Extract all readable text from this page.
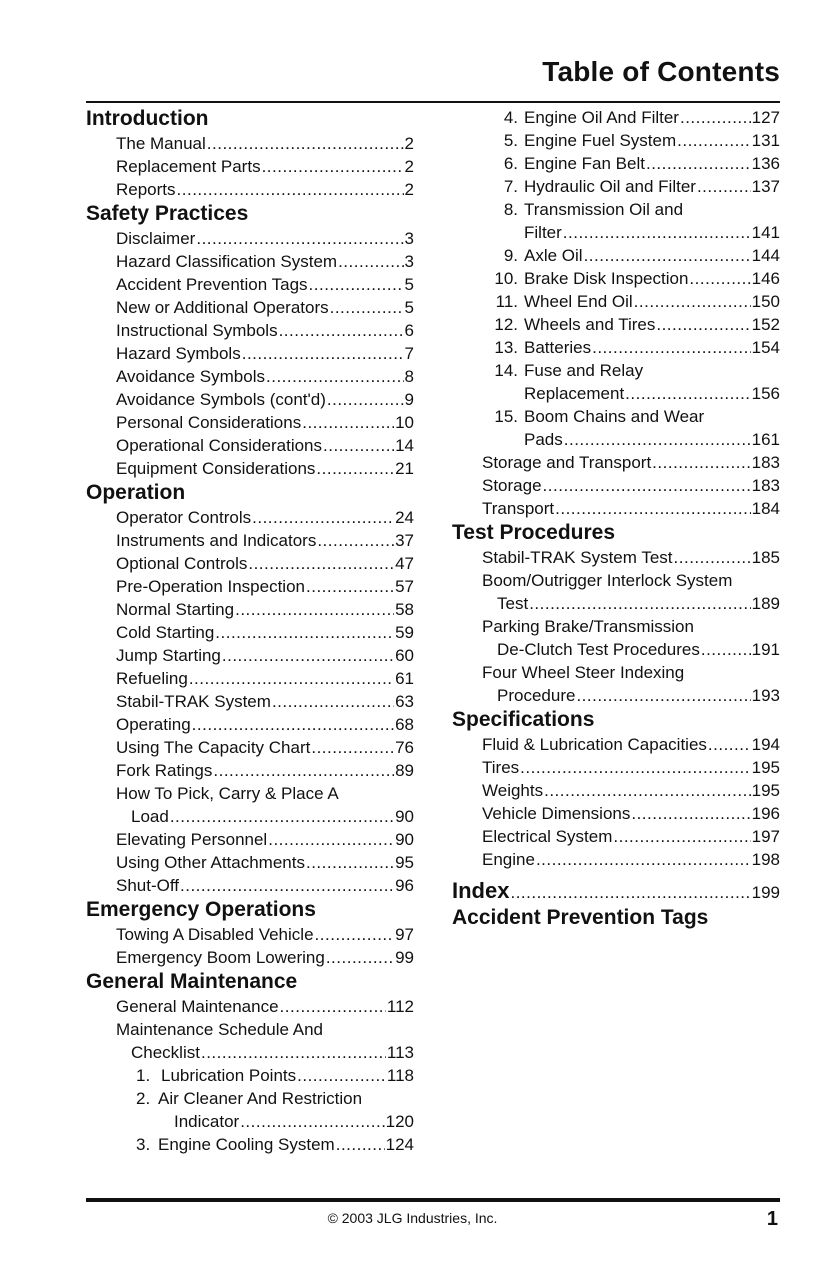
Table of Contents
Introduction
The Manual .....	2
Replacement Parts .....	2
Reports .....	2
Safety Practices
Disclaimer .....	3
Hazard Classification System .....	3
Accident Prevention Tags .....	5
New or Additional Operators .....	5
Instructional Symbols .....	6
Hazard Symbols .....	7
Avoidance Symbols .....	8
Avoidance Symbols (cont'd) .....	9
Personal Considerations .....	10
Operational Considerations .....	14
Equipment Considerations .....	21
Operation
Operator Controls .....	24
Instruments and Indicators .....	37
Optional Controls .....	47
Pre-Operation Inspection .....	57
Normal Starting .....	58
Cold Starting .....	59
Jump Starting .....	60
Refueling .....	61
Stabil-TRAK System .....	63
Operating .....	68
Using The Capacity Chart .....	76
Fork Ratings .....	89
How To Pick, Carry & Place A
Load .....	90
Elevating Personnel .....	90
Using Other Attachments .....	95
Shut-Off .....	96
Emergency Operations
Towing A Disabled Vehicle .....	97
Emergency Boom Lowering .....	99
General Maintenance
General Maintenance .....	112
Maintenance Schedule And
Checklist .....	113
1. Lubrication Points .....	118
2. Air Cleaner And Restriction
Indicator .....	120
3. Engine Cooling System .....	124
4. Engine Oil And Filter .....	127
5. Engine Fuel System .....	131
6. Engine Fan Belt .....	136
7. Hydraulic Oil and Filter .....	137
8. Transmission Oil and
Filter .....	141
9. Axle Oil .....	144
10. Brake Disk Inspection .....	146
11. Wheel End Oil .....	150
12. Wheels and Tires .....	152
13. Batteries .....	154
14. Fuse and Relay
Replacement .....	156
15. Boom Chains and Wear
Pads .....	161
Storage and Transport .....	183
Storage .....	183
Transport .....	184
Test Procedures
Stabil-TRAK System Test .....	185
Boom/Outrigger Interlock System
Test .....	189
Parking Brake/Transmission
De-Clutch Test Procedures .....	191
Four Wheel Steer Indexing
Procedure .....	193
Specifications
Fluid & Lubrication Capacities .....	194
Tires .....	195
Weights .....	195
Vehicle Dimensions .....	196
Electrical System .....	197
Engine .....	198
Index .....	199
Accident Prevention Tags
© 2003 JLG Industries, Inc.	1
